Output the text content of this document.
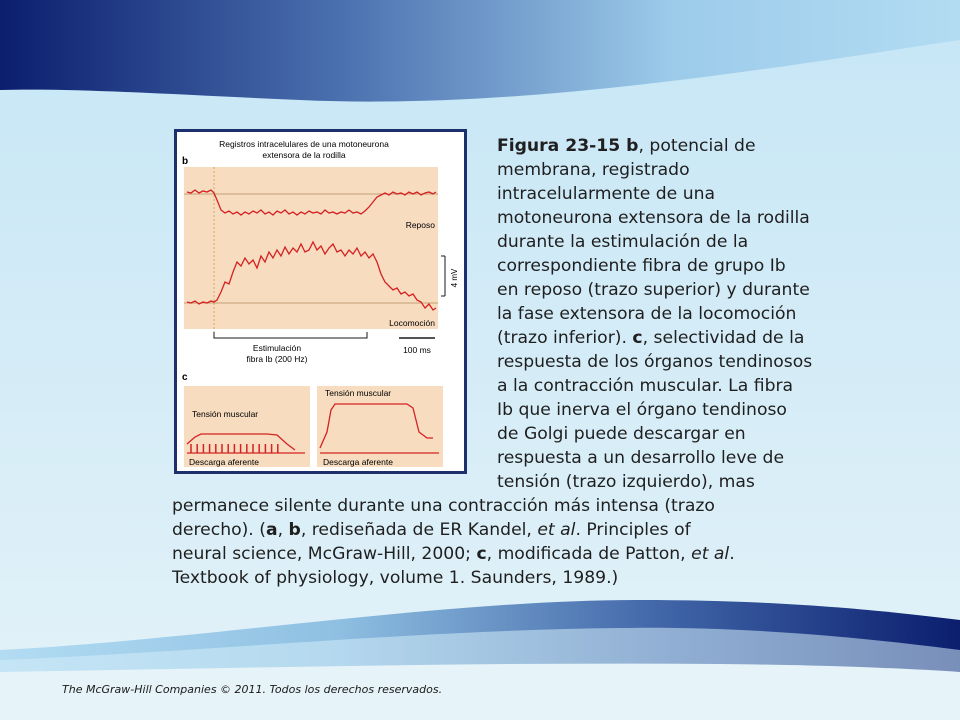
b
Registros intracelulares de una motoneurona
extensora de la rodilla
Reposo
Locomoción
4 mV
Estimulación
fibra Ib (200 Hz)
100 ms
c
Tensión muscular
Descarga aferente
Tensión muscular
Descarga aferente
Figura 23-15 b, potencial de
membrana, registrado
intracelularmente de una
motoneurona extensora de la rodilla
durante la estimulación de la
correspondiente fibra de grupo Ib
en reposo (trazo superior) y durante
la fase extensora de la locomoción
(trazo inferior). c, selectividad de la
respuesta de los órganos tendinosos
a la contracción muscular. La fibra
Ib que inerva el órgano tendinoso
de Golgi puede descargar en
respuesta a un desarrollo leve de
tensión (trazo izquierdo), mas
permanece silente durante una contracción más intensa (trazo
derecho). (a, b, rediseñada de ER Kandel, et al. Principles of
neural science, McGraw-Hill, 2000; c, modificada de Patton, et al.
Textbook of physiology, volume 1. Saunders, 1989.)
The McGraw-Hill Companies © 2011. Todos los derechos reservados.
